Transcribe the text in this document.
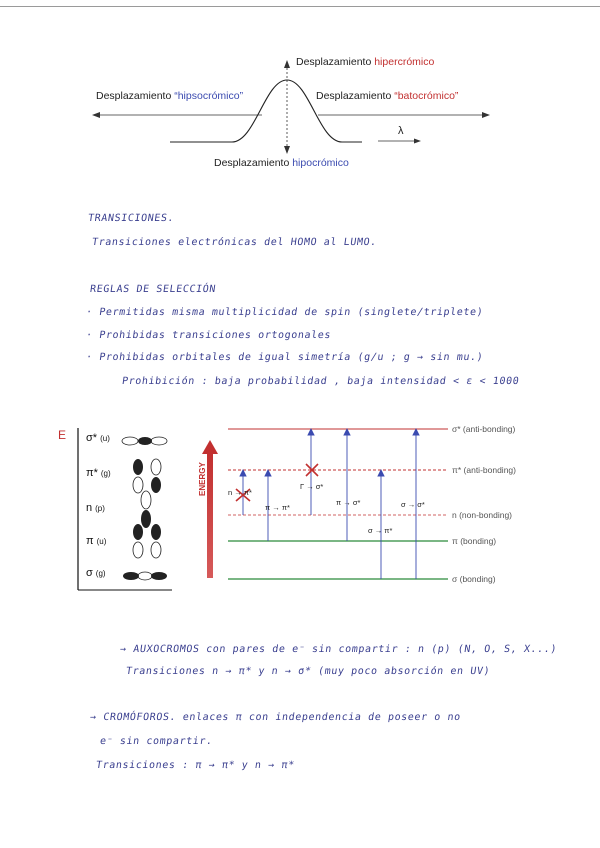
Desplazamiento hipercrómico
Desplazamiento “hipsocrómico”	Desplazamiento “batocrómico”
Desplazamiento hipocrómico
λ
TRANSICIONES.
Transiciones electrónicas del HOMO al LUMO.
REGLAS DE SELECCIÓN
· Permitidas misma multiplicidad de spin (singlete/triplete)
· Prohibidas transiciones ortogonales
· Prohibidas orbitales de igual simetría (g/u ; g → sin mu.)
Prohibición : baja probabilidad , baja intensidad < ε < 1000
E σ* (u)
π* (g)
n (p)
π (u)
σ (g)
ENERGY
σ* (anti-bonding)
π* (anti-bonding)
n (non-bonding)
π (bonding)
σ (bonding)
n → π*
π → π*
Γ → σ*
π → σ*
σ → π*
σ → σ*
→ AUXOCROMOS con pares de e⁻ sin compartir : n (p) (N, O, S, X...)
Transiciones n → π* y n → σ* (muy poco absorción en UV)
→ CROMÓFOROS. enlaces π con independencia de poseer o no
e⁻ sin compartir.
Transiciones : π → π* y n → π*
